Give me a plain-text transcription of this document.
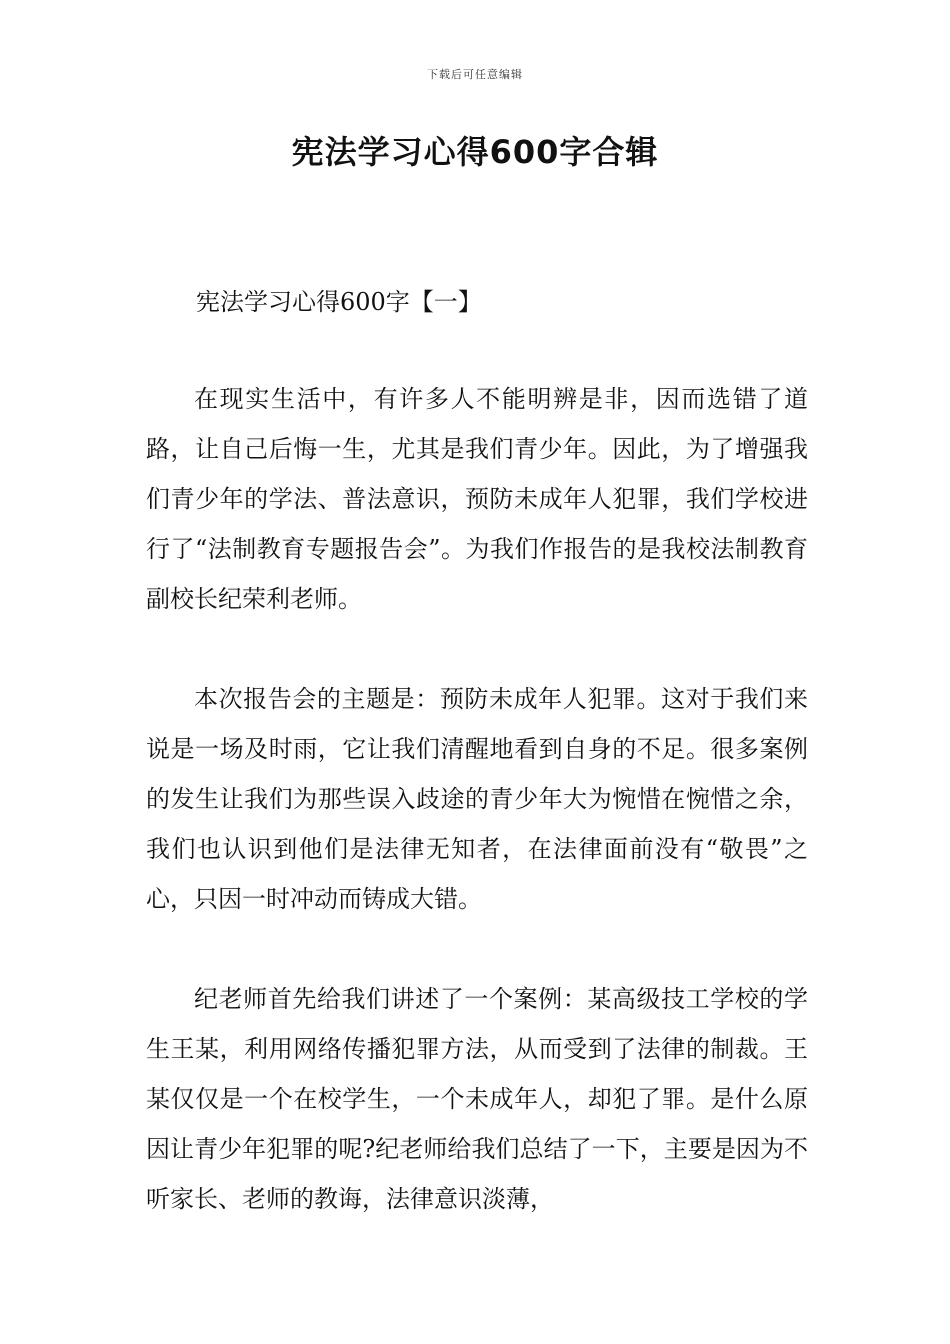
下载后可任意编辑
宪法学习心得600字合辑
宪法学习心得600字【一】

在现实生活中，有许多人不能明辨是非，因而选错了道路，让自己后悔一生，尤其是我们青少年。因此，为了增强我们青少年的学法、普法意识，预防未成年人犯罪，我们学校进行了“法制教育专题报告会”。为我们作报告的是我校法制教育副校长纪荣利老师。

本次报告会的主题是：预防未成年人犯罪。这对于我们来说是一场及时雨，它让我们清醒地看到自身的不足。很多案例的发生让我们为那些误入歧途的青少年大为惋惜在惋惜之余，我们也认识到他们是法律无知者，在法律面前没有“敬畏”之心，只因一时冲动而铸成大错。

纪老师首先给我们讲述了一个案例：某高级技工学校的学生王某，利用网络传播犯罪方法，从而受到了法律的制裁。王某仅仅是一个在校学生，一个未成年人，却犯了罪。是什么原因让青少年犯罪的呢?纪老师给我们总结了一下，主要是因为不听家长、老师的教诲，法律意识淡薄，
